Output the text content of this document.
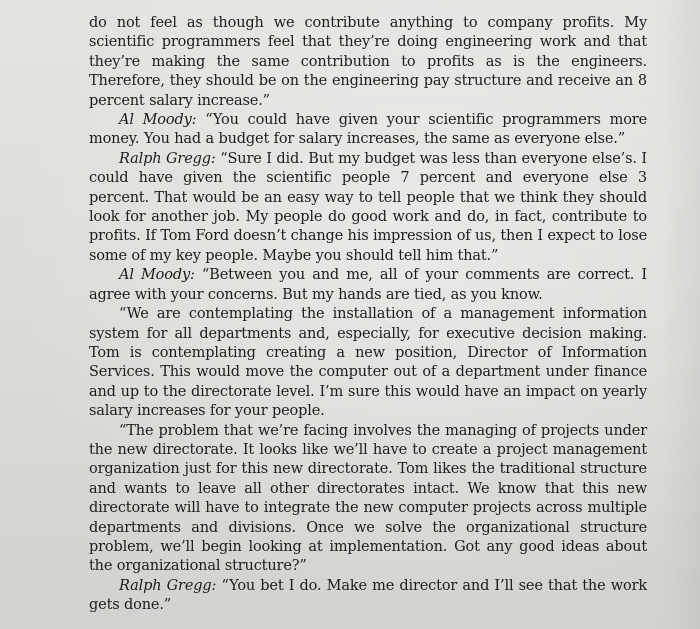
do not feel as though we contribute anything to company profits. My scientific programmers feel that they’re doing engineering work and that they’re making the same contribution to profits as is the engineers. Therefore, they should be on the engineering pay structure and receive an 8 percent salary increase.”

Al Moody: “You could have given your scientific programmers more money. You had a budget for salary increases, the same as everyone else.”

Ralph Gregg: “Sure I did. But my budget was less than everyone else’s. I could have given the scientific people 7 percent and everyone else 3 percent. That would be an easy way to tell people that we think they should look for another job. My people do good work and do, in fact, contribute to profits. If Tom Ford doesn’t change his impression of us, then I expect to lose some of my key people. Maybe you should tell him that.”

Al Moody: “Between you and me, all of your comments are correct. I agree with your concerns. But my hands are tied, as you know.

“We are contemplating the installation of a management information system for all departments and, especially, for executive decision making. Tom is contemplating creating a new position, Director of Information Services. This would move the computer out of a department under finance and up to the directorate level. I’m sure this would have an impact on yearly salary increases for your people.

“The problem that we’re facing involves the managing of projects under the new directorate. It looks like we’ll have to create a project management organization just for this new directorate. Tom likes the traditional structure and wants to leave all other directorates intact. We know that this new directorate will have to integrate the new computer projects across multiple departments and divisions. Once we solve the organizational structure problem, we’ll begin looking at implementation. Got any good ideas about the organizational structure?”

Ralph Gregg: “You bet I do. Make me director and I’ll see that the work gets done.”
